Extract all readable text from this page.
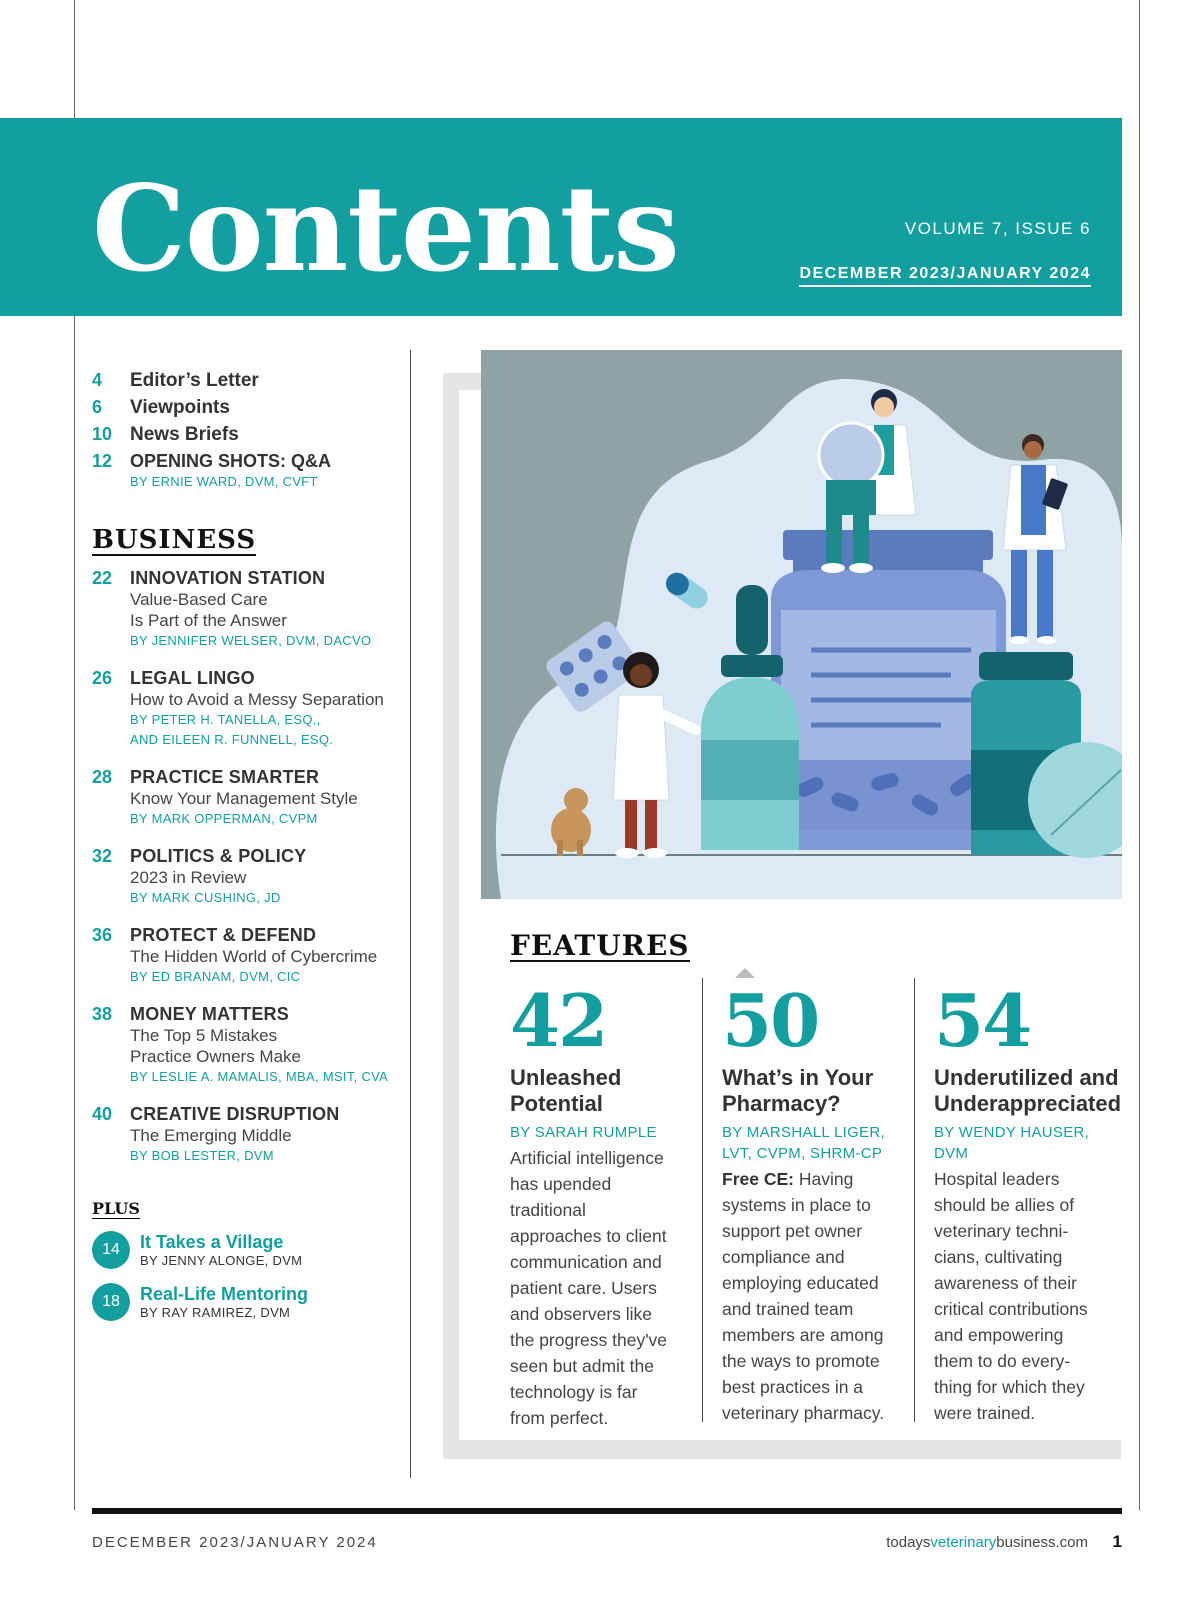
Contents	VOLUME 7, ISSUE 6
DECEMBER 2023/JANUARY 2024
4	Editor’s Letter
6	Viewpoints
10 News Briefs
12 OPENING SHOTS: Q&A
BY ERNIE WARD, DVM, CVFT
BUSINESS
22 INNOVATION STATION
Value-Based Care
Is Part of the Answer
BY JENNIFER WELSER, DVM, DACVO
26 LEGAL LINGO
How to Avoid a Messy Separation
BY PETER H. TANELLA, ESQ.,
AND EILEEN R. FUNNELL, ESQ.
28 PRACTICE SMARTER
Know Your Management Style
BY MARK OPPERMAN, CVPM
32 POLITICS & POLICY
2023 in Review
BY MARK CUSHING, JD
36 PROTECT & DEFEND
The Hidden World of Cybercrime
BY ED BRANAM, DVM, CIC
38 MONEY MATTERS
The Top 5 Mistakes
Practice Owners Make
BY LESLIE A. MAMALIS, MBA, MSIT, CVA
40 CREATIVE DISRUPTION
The Emerging Middle
BY BOB LESTER, DVM
PLUS
14	It Takes a Village
BY JENNY ALONGE, DVM
18	Real-Life Mentoring
BY RAY RAMIREZ, DVM
FEATURES
42
Unleashed
Potential
BY SARAH RUMPLE
Artificial intelligence
has upended
traditional
approaches to client
communication and
patient care. Users
and observers like
the progress they've
seen but admit the
technology is far
from perfect.
50
What’s in Your
Pharmacy?
BY MARSHALL LIGER,
LVT, CVPM, SHRM-CP
Free CE: Having
systems in place to
support pet owner
compliance and
employing educated
and trained team
members are among
the ways to promote
best practices in a
veterinary pharmacy.
54
Underutilized and
Underappreciated
BY WENDY HAUSER,
DVM
Hospital leaders
should be allies of
veterinary techni-
cians, cultivating
awareness of their
critical contributions
and empowering
them to do every-
thing for which they
were trained.
DECEMBER 2023/JANUARY 2024	todaysveterinarybusiness.com 1
